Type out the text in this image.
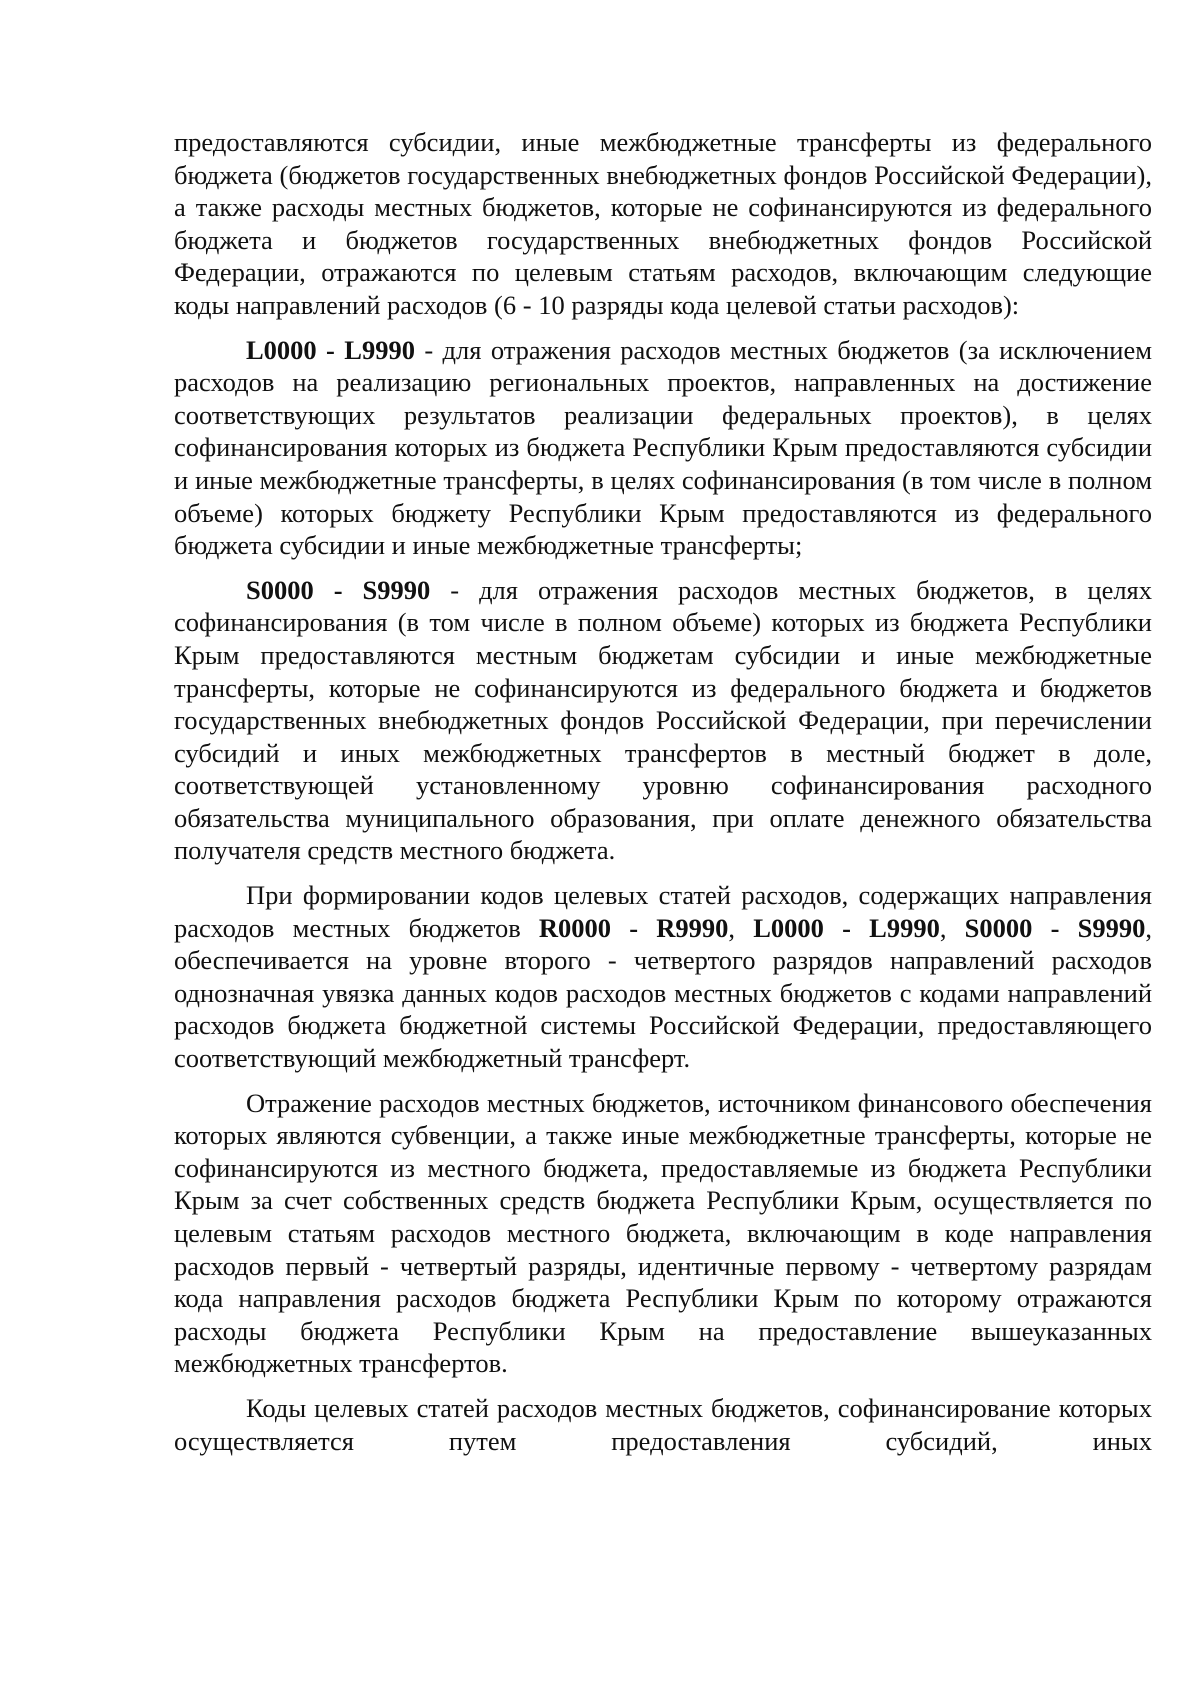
предоставляются субсидии, иные межбюджетные трансферты из федерального бюджета (бюджетов государственных внебюджетных фондов Российской Федерации), а также расходы местных бюджетов, которые не софинансируются из федерального бюджета и бюджетов государственных внебюджетных фондов Российской Федерации, отражаются по целевым статьям расходов, включающим следующие коды направлений расходов (6 - 10 разряды кода целевой статьи расходов):

L0000 - L9990 - для отражения расходов местных бюджетов (за исключением расходов на реализацию региональных проектов, направленных на достижение соответствующих результатов реализации федеральных проектов), в целях софинансирования которых из бюджета Республики Крым предоставляются субсидии и иные межбюджетные трансферты, в целях софинансирования (в том числе в полном объеме) которых бюджету Республики Крым предоставляются из федерального бюджета субсидии и иные межбюджетные трансферты;

S0000 - S9990 - для отражения расходов местных бюджетов, в целях софинансирования (в том числе в полном объеме) которых из бюджета Республики Крым предоставляются местным бюджетам субсидии и иные межбюджетные трансферты, которые не софинансируются из федерального бюджета и бюджетов государственных внебюджетных фондов Российской Федерации, при перечислении субсидий и иных межбюджетных трансфертов в местный бюджет в доле, соответствующей установленному уровню софинансирования расходного обязательства муниципального образования, при оплате денежного обязательства получателя средств местного бюджета.

При формировании кодов целевых статей расходов, содержащих направления расходов местных бюджетов R0000 - R9990, L0000 - L9990, S0000 - S9990, обеспечивается на уровне второго - четвертого разрядов направлений расходов однозначная увязка данных кодов расходов местных бюджетов с кодами направлений расходов бюджета бюджетной системы Российской Федерации, предоставляющего соответствующий межбюджетный трансферт.

Отражение расходов местных бюджетов, источником финансового обеспечения которых являются субвенции, а также иные межбюджетные трансферты, которые не софинансируются из местного бюджета, предоставляемые из бюджета Республики Крым за счет собственных средств бюджета Республики Крым, осуществляется по целевым статьям расходов местного бюджета, включающим в коде направления расходов первый - четвертый разряды, идентичные первому - четвертому разрядам кода направления расходов бюджета Республики Крым по которому отражаются расходы бюджета Республики Крым на предоставление вышеуказанных межбюджетных трансфертов.

Коды целевых статей расходов местных бюджетов, софинансирование которых осуществляется путем предоставления субсидий, иных
